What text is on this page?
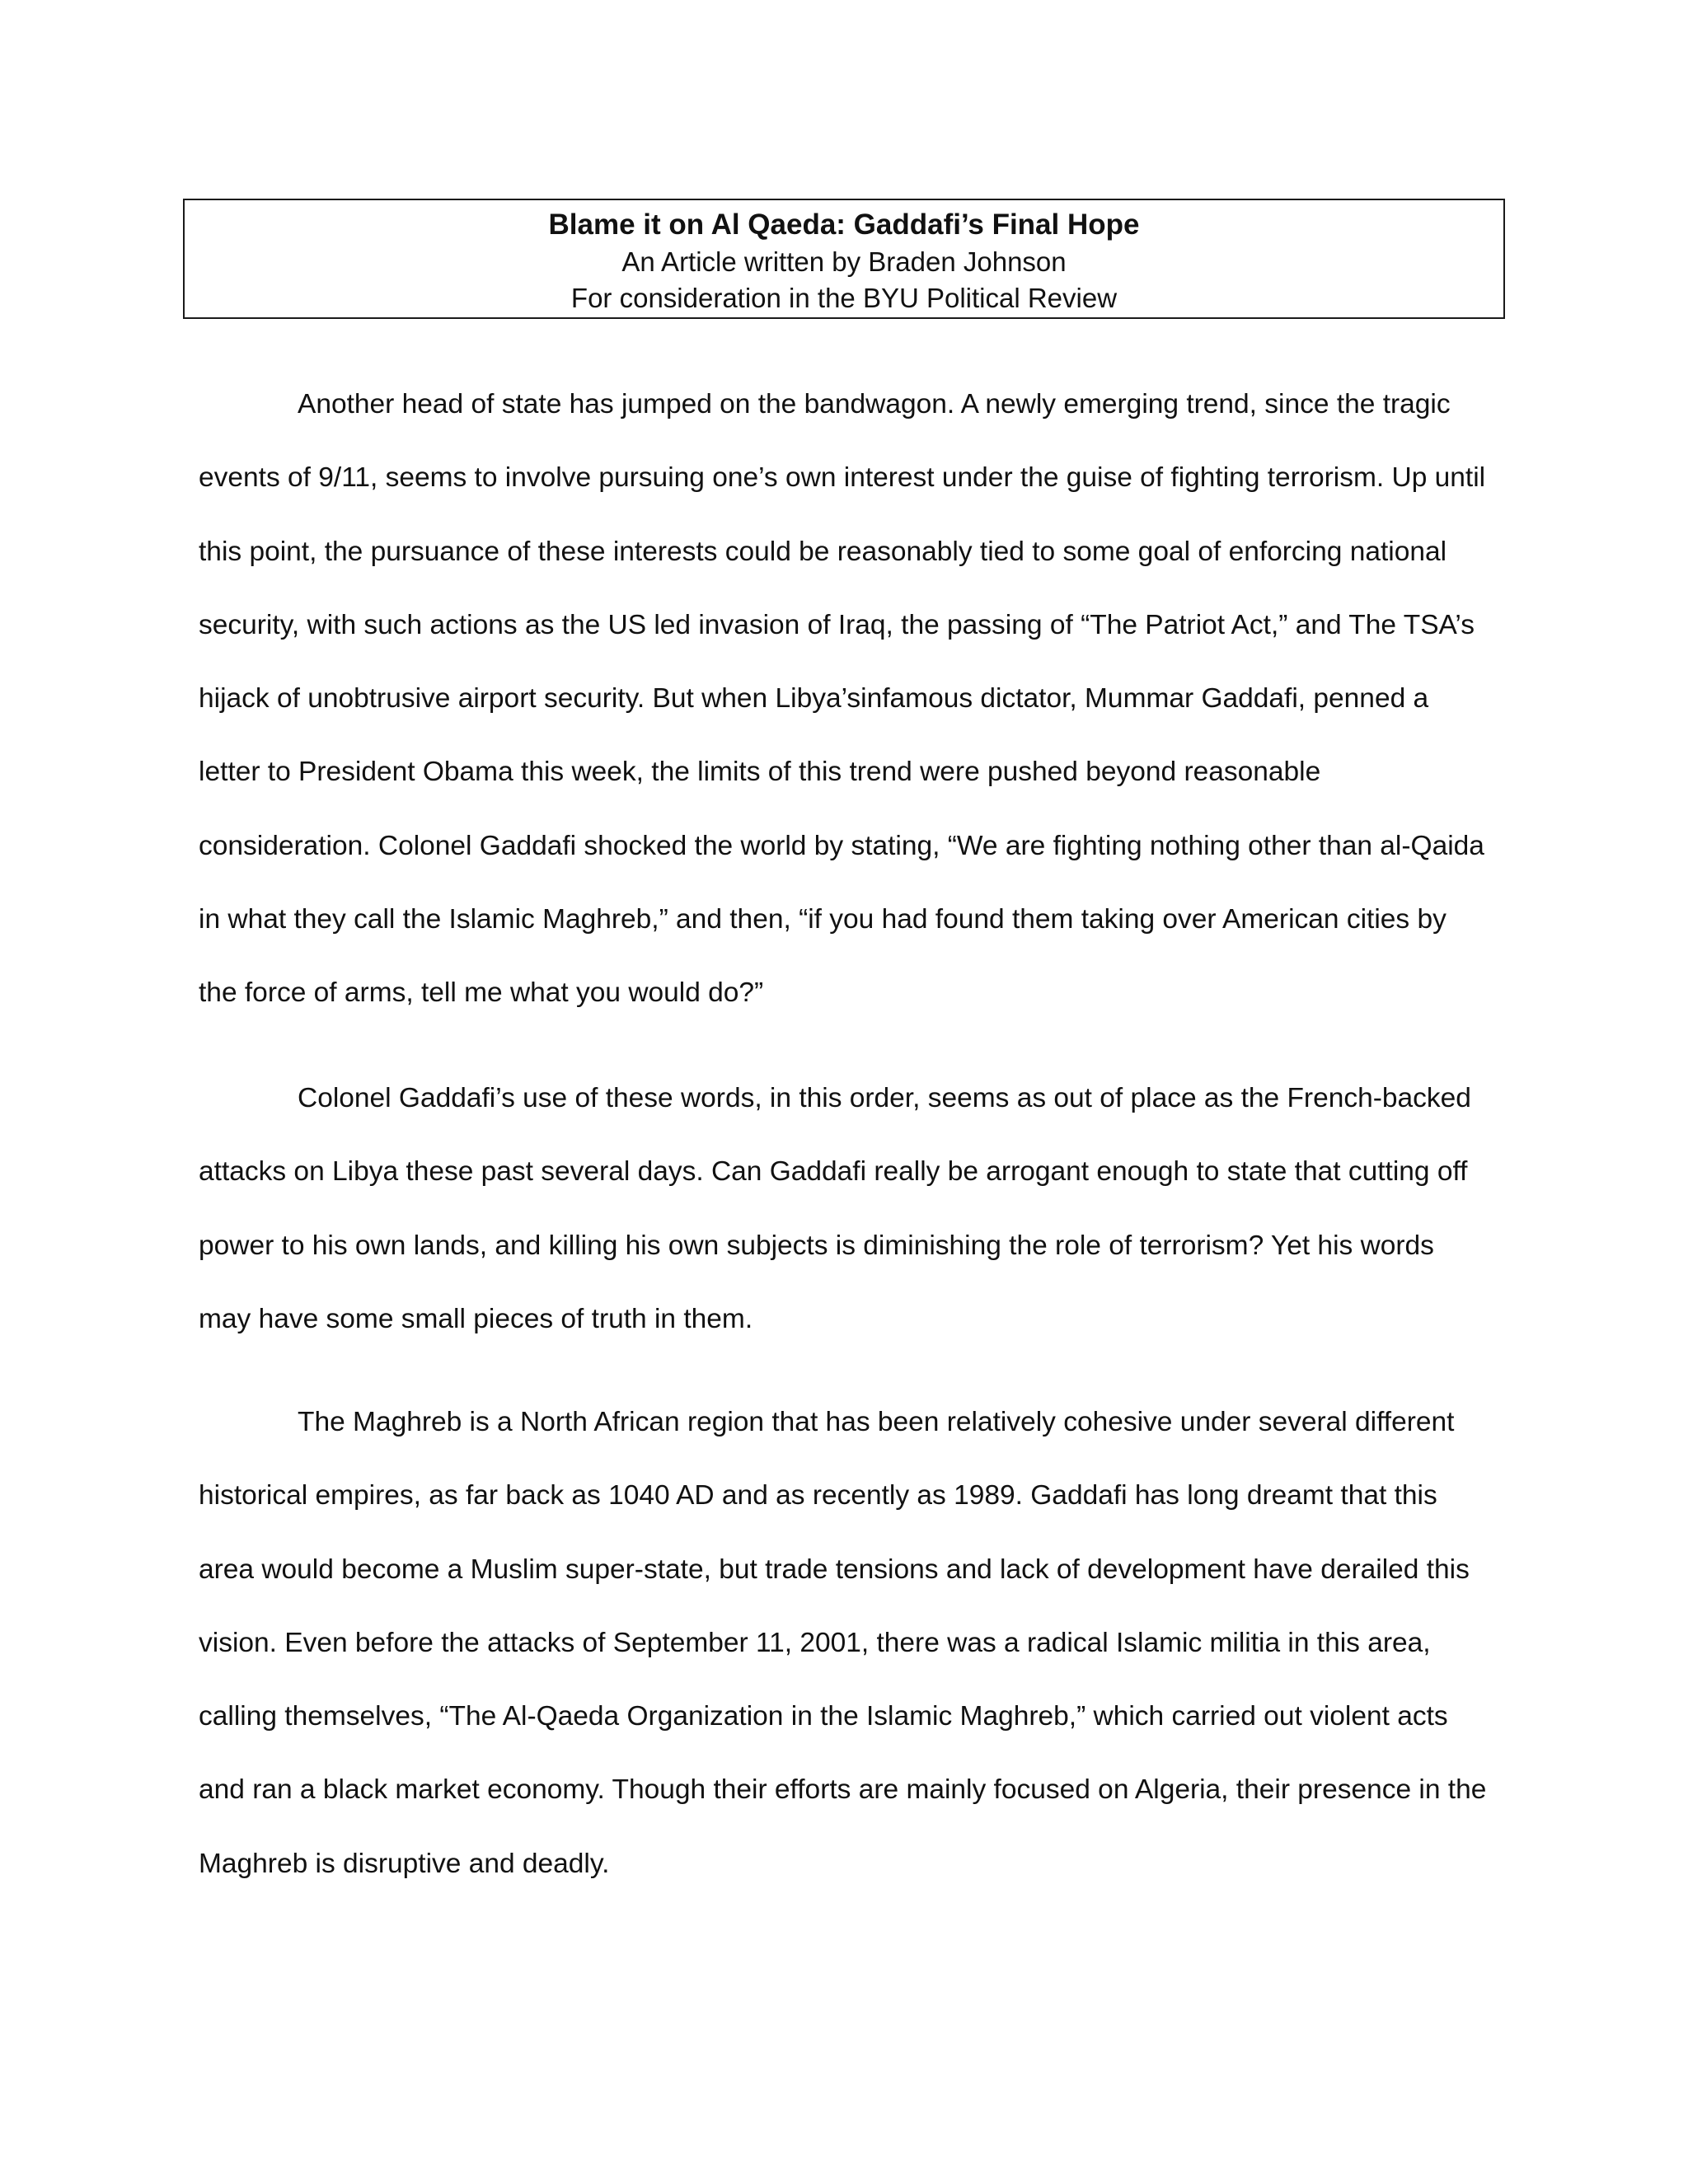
Blame it on Al Qaeda: Gaddafi’s Final Hope
An Article written by Braden Johnson
For consideration in the BYU Political Review

Another head of state has jumped on the bandwagon. A newly emerging trend, since the tragic events of 9/11, seems to involve pursuing one’s own interest under the guise of fighting terrorism. Up until this point, the pursuance of these interests could be reasonably tied to some goal of enforcing national security, with such actions as the US led invasion of Iraq, the passing of “The Patriot Act,” and The TSA’s hijack of unobtrusive airport security. But when Libya’sinfamous dictator, Mummar Gaddafi, penned a letter to President Obama this week, the limits of this trend were pushed beyond reasonable consideration. Colonel Gaddafi shocked the world by stating, “We are fighting nothing other than al-Qaida in what they call the Islamic Maghreb,” and then, “if you had found them taking over American cities by the force of arms, tell me what you would do?”

Colonel Gaddafi’s use of these words, in this order, seems as out of place as the French-backed attacks on Libya these past several days. Can Gaddafi really be arrogant enough to state that cutting off power to his own lands, and killing his own subjects is diminishing the role of terrorism? Yet his words may have some small pieces of truth in them.

The Maghreb is a North African region that has been relatively cohesive under several different historical empires, as far back as 1040 AD and as recently as 1989. Gaddafi has long dreamt that this area would become a Muslim super-state, but trade tensions and lack of development have derailed this vision. Even before the attacks of September 11, 2001, there was a radical Islamic militia in this area, calling themselves, “The Al-Qaeda Organization in the Islamic Maghreb,” which carried out violent acts and ran a black market economy. Though their efforts are mainly focused on Algeria, their presence in the Maghreb is disruptive and deadly.
